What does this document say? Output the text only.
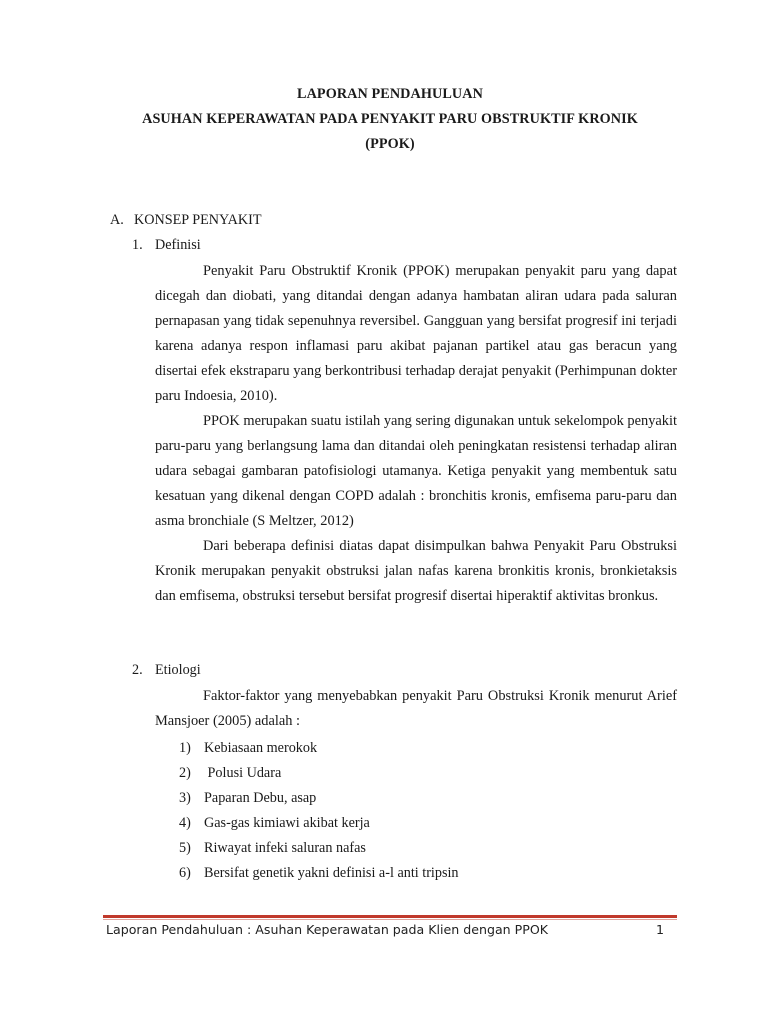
LAPORAN PENDAHULUAN
ASUHAN KEPERAWATAN PADA PENYAKIT PARU OBSTRUKTIF KRONIK
(PPOK)
A. KONSEP PENYAKIT
1. Definisi

Penyakit Paru Obstruktif Kronik (PPOK) merupakan penyakit paru yang dapat dicegah dan diobati, yang ditandai dengan adanya hambatan aliran udara pada saluran pernapasan yang tidak sepenuhnya reversibel. Gangguan yang bersifat progresif ini terjadi karena adanya respon inflamasi paru akibat pajanan partikel atau gas beracun yang disertai efek ekstraparu yang berkontribusi terhadap derajat penyakit (Perhimpunan dokter paru Indoesia, 2010).

PPOK merupakan suatu istilah yang sering digunakan untuk sekelompok penyakit paru-paru yang berlangsung lama dan ditandai oleh peningkatan resistensi terhadap aliran udara sebagai gambaran patofisiologi utamanya. Ketiga penyakit yang membentuk satu kesatuan yang dikenal dengan COPD adalah : bronchitis kronis, emfisema paru-paru dan asma bronchiale (S Meltzer, 2012)

Dari beberapa definisi diatas dapat disimpulkan bahwa Penyakit Paru Obstruksi Kronik merupakan penyakit obstruksi jalan nafas karena bronkitis kronis, bronkietaksis dan emfisema, obstruksi tersebut bersifat progresif disertai hiperaktif aktivitas bronkus.

2. Etiologi

Faktor-faktor yang menyebabkan penyakit Paru Obstruksi Kronik menurut Arief Mansjoer (2005) adalah :

1) Kebiasaan merokok
2) Polusi Udara
3) Paparan Debu, asap
4) Gas-gas kimiawi akibat kerja
5) Riwayat infeki saluran nafas
6) Bersifat genetik yakni definisi a-l anti tripsin
Laporan Pendahuluan : Asuhan Keperawatan pada Klien dengan PPOK	1
